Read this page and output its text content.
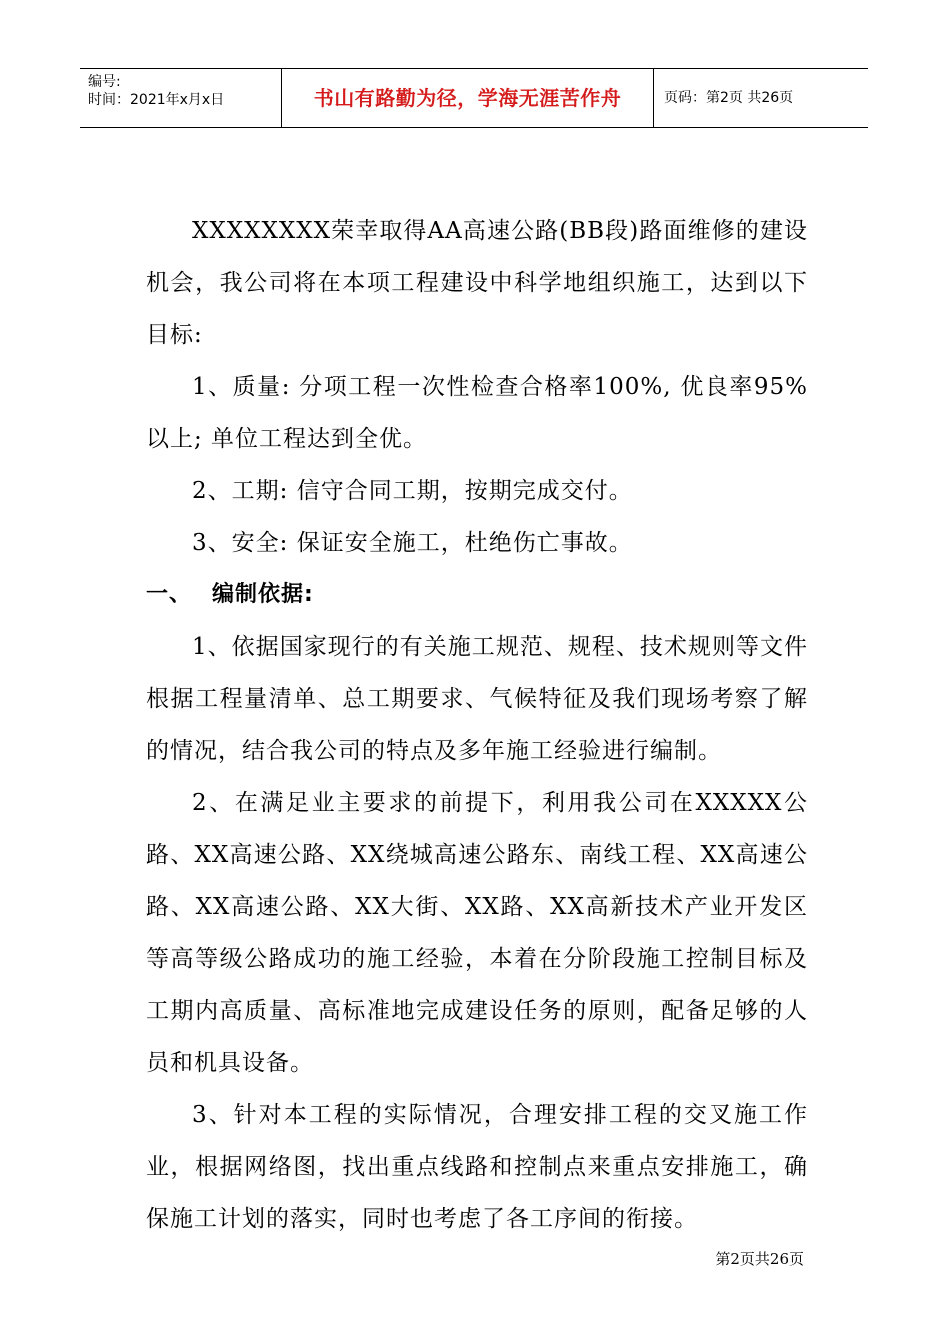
编号:
时间：2021年x月x日	书山有路勤为径，学海无涯苦作舟	页码：第2页 共26页

XXXXXXXX荣幸取得AA高速公路(BB段)路面维修的建设机会，我公司将在本项工程建设中科学地组织施工，达到以下目标:

1、质量: 分项工程一次性检查合格率100%, 优良率95%以上; 单位工程达到全优。

2、工期: 信守合同工期，按期完成交付。

3、安全: 保证安全施工，杜绝伤亡事故。

一、 编制依据:

1、依据国家现行的有关施工规范、规程、技术规则等文件根据工程量清单、总工期要求、气候特征及我们现场考察了解的情况，结合我公司的特点及多年施工经验进行编制。

2、在满足业主要求的前提下，利用我公司在XXXXX公路、XX高速公路、XX绕城高速公路东、南线工程、XX高速公路、XX高速公路、XX大街、XX路、XX高新技术产业开发区等高等级公路成功的施工经验，本着在分阶段施工控制目标及工期内高质量、高标准地完成建设任务的原则，配备足够的人员和机具设备。

3、针对本工程的实际情况，合理安排工程的交叉施工作业，根据网络图，找出重点线路和控制点来重点安排施工，确保施工计划的落实，同时也考虑了各工序间的衔接。

第2页共26页
